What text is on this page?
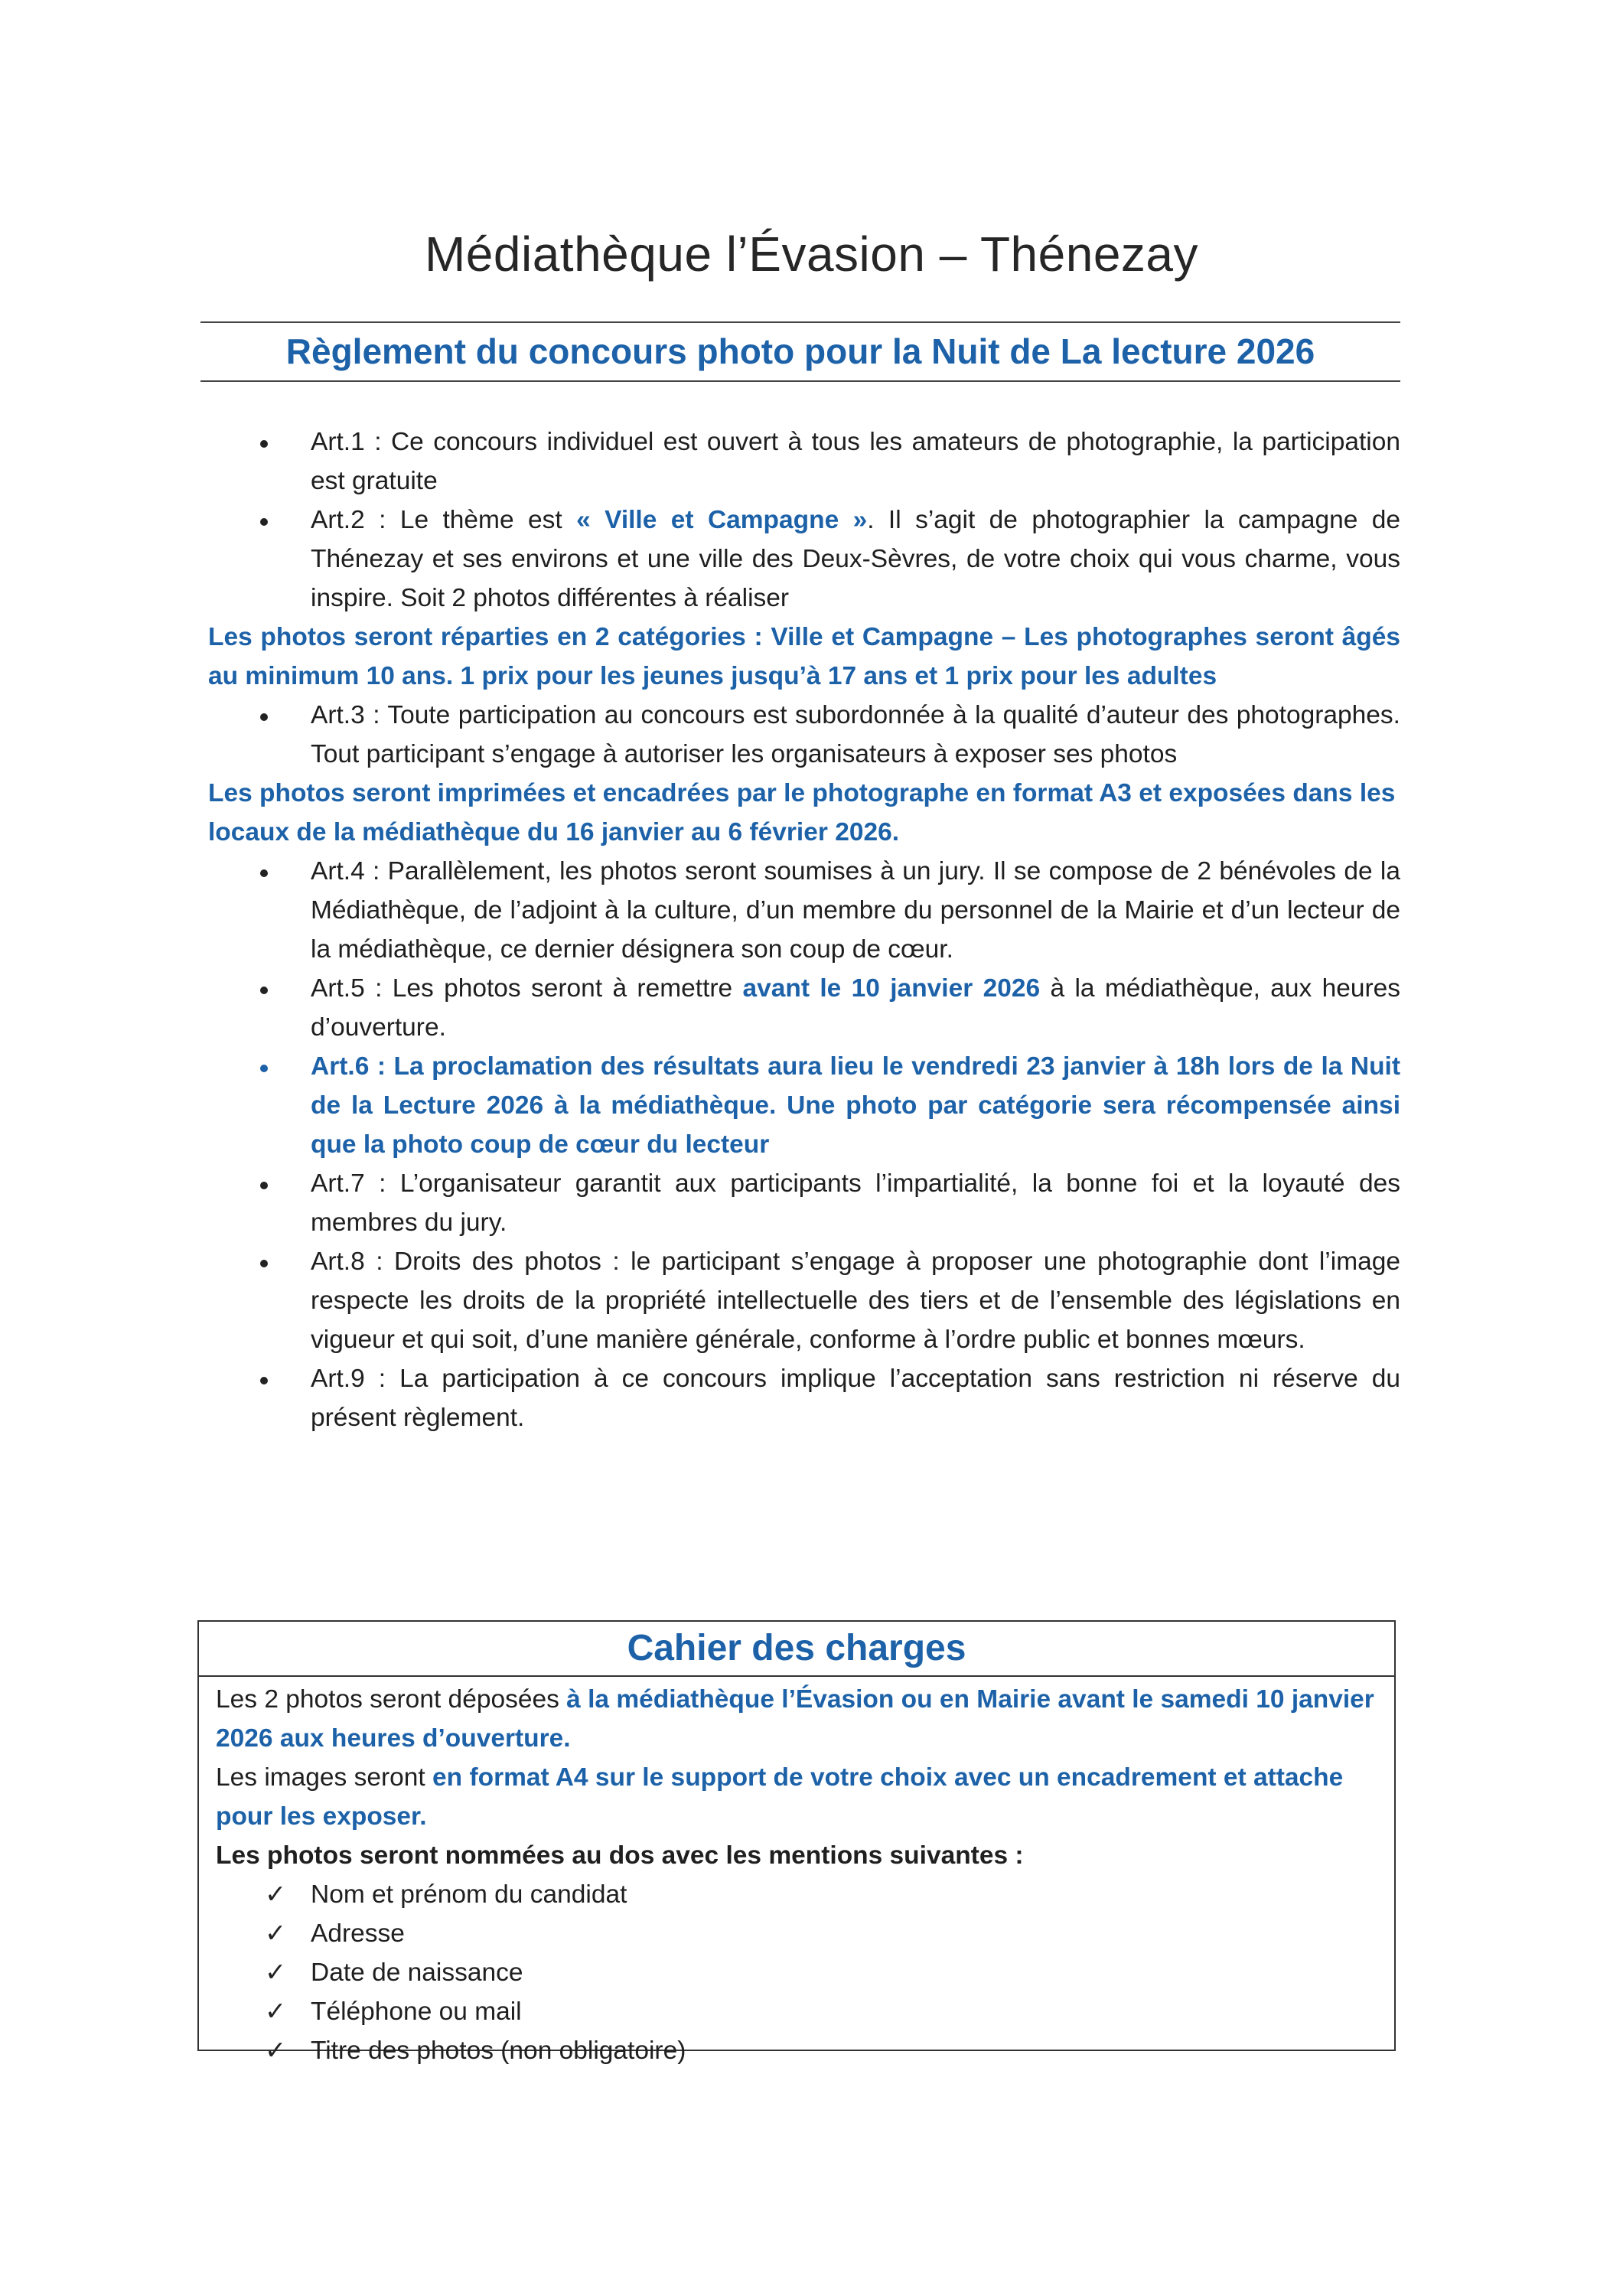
Médiathèque l’Évasion – Thénezay
Règlement du concours photo pour la Nuit de La lecture 2026
Art.1 : Ce concours individuel est ouvert à tous les amateurs de photographie, la participation est gratuite
Art.2 : Le thème est « Ville et Campagne ». Il s’agit de photographier la campagne de Thénezay et ses environs et une ville des Deux-Sèvres, de votre choix qui vous charme, vous inspire. Soit 2 photos différentes à réaliser
Les photos seront réparties en 2 catégories : Ville et Campagne – Les photographes seront âgés au minimum 10 ans. 1 prix pour les jeunes jusqu’à 17 ans et 1 prix pour les adultes
Art.3 : Toute participation au concours est subordonnée à la qualité d’auteur des photographes. Tout participant s’engage à autoriser les organisateurs à exposer ses photos
Les photos seront imprimées et encadrées par le photographe en format A3 et exposées dans les locaux de la médiathèque du 16 janvier au 6 février 2026.
Art.4 : Parallèlement, les photos seront soumises à un jury. Il se compose de 2 bénévoles de la Médiathèque, de l’adjoint à la culture, d’un membre du personnel de la Mairie et d’un lecteur de la médiathèque, ce dernier désignera son coup de cœur.
Art.5 : Les photos seront à remettre avant le 10 janvier 2026 à la médiathèque, aux heures d’ouverture.
Art.6 : La proclamation des résultats aura lieu le vendredi 23 janvier à 18h lors de la Nuit de la Lecture 2026 à la médiathèque. Une photo par catégorie sera récompensée ainsi que la photo coup de cœur du lecteur
Art.7 : L’organisateur garantit aux participants l’impartialité, la bonne foi et la loyauté des membres du jury.
Art.8 : Droits des photos : le participant s’engage à proposer une photographie dont l’image respecte les droits de la propriété intellectuelle des tiers et de l’ensemble des législations en vigueur et qui soit, d’une manière générale, conforme à l’ordre public et bonnes mœurs.
Art.9 : La participation à ce concours implique l’acceptation sans restriction ni réserve du présent règlement.
Cahier des charges
Les 2 photos seront déposées à la médiathèque l’Évasion ou en Mairie avant le samedi 10 janvier 2026 aux heures d’ouverture.
Les images seront en format A4 sur le support de votre choix avec un encadrement et attache pour les exposer.
Les photos seront nommées au dos avec les mentions suivantes :
✓ Nom et prénom du candidat
✓ Adresse
✓ Date de naissance
✓ Téléphone ou mail
✓ Titre des photos (non obligatoire)
